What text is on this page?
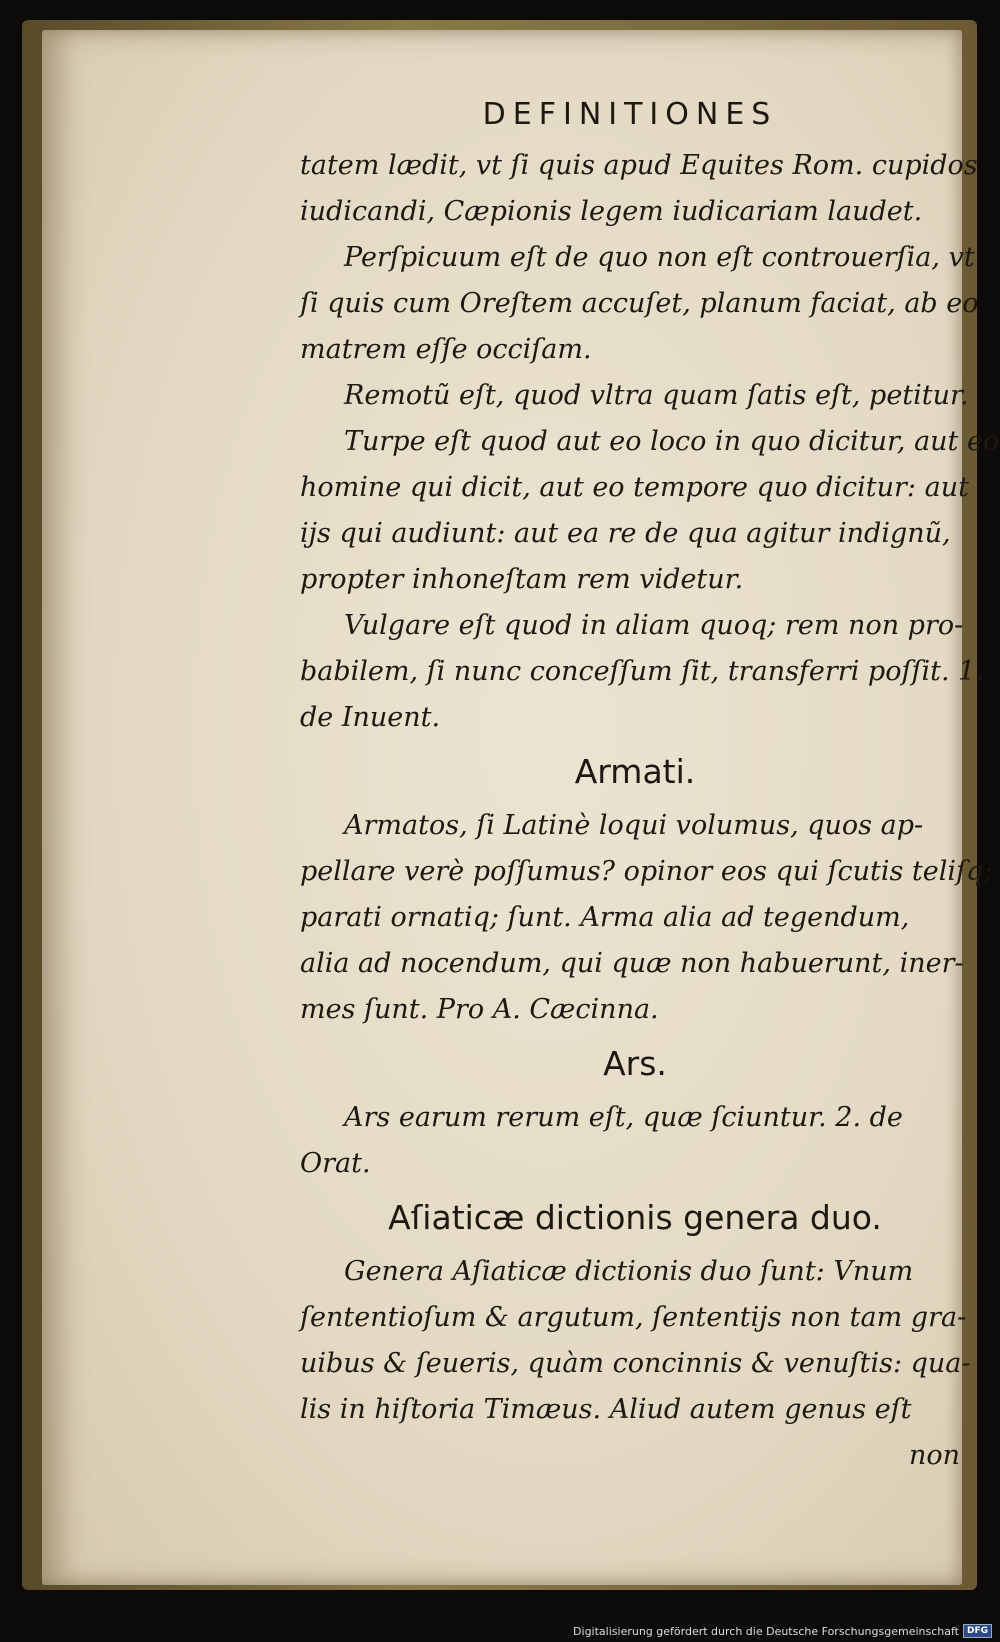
DEFINITIONES
tatem lædit, vt ſi quis apud Equites Rom. cupidos
iudicandi, Cæpionis legem iudicariam laudet.
Perſpicuum eſt de quo non eſt controuerſia, vt
ſi quis cum Oreſtem accuſet, planum faciat, ab eo
matrem eſſe occiſam.
Remotũ eſt, quod vltra quam ſatis eſt, petitur.
Turpe eſt quod aut eo loco in quo dicitur, aut eo
homine qui dicit, aut eo tempore quo dicitur: aut
ijs qui audiunt: aut ea re de qua agitur indignũ,
propter inhoneſtam rem videtur.
Vulgare eſt quod in aliam quoq; rem non pro-
babilem, ſi nunc conceſſum ſit, transferri poſſit. 1.
de Inuent.
Armati.
Armatos, ſi Latinè loqui volumus, quos ap-
pellare verè poſſumus? opinor eos qui ſcutis teliſq;
parati ornatiq; ſunt. Arma alia ad tegendum,
alia ad nocendum, qui quæ non habuerunt, iner-
mes ſunt. Pro A. Cæcinna.
Ars.
Ars earum rerum eſt, quæ ſciuntur. 2. de
Orat.
Aſiaticæ dictionis genera duo.
Genera Aſiaticæ dictionis duo ſunt: Vnum
ſententioſum & argutum, ſententijs non tam gra-
uibus & ſeueris, quàm concinnis & venuſtis: qua-
lis in hiſtoria Timæus. Aliud autem genus eſt
non
Digitalisierung gefördert durch die Deutsche Forschungsgemeinschaft DFG
